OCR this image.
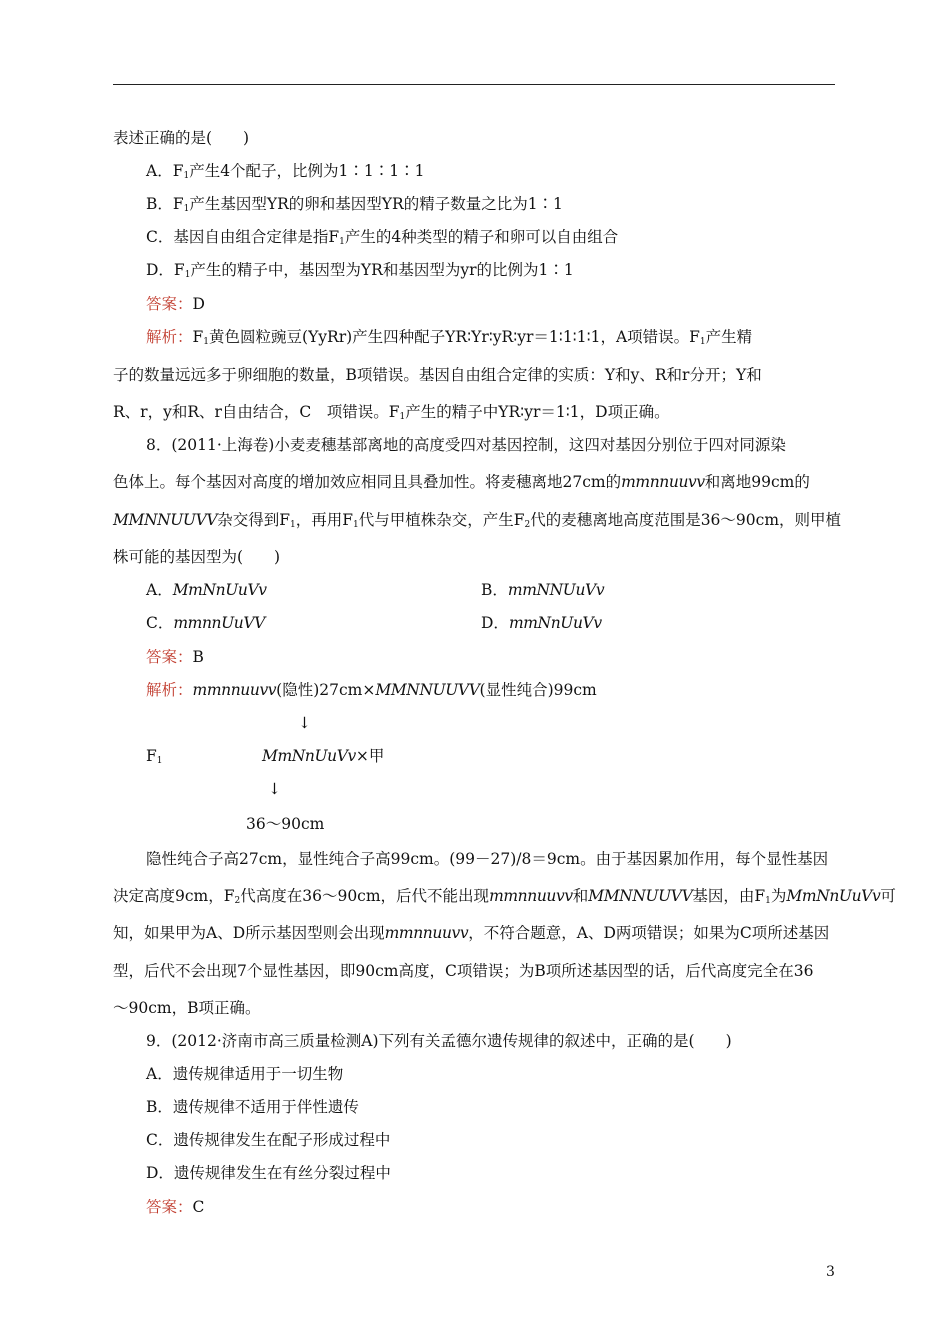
表述正确的是(　　)
A．$F_1$产生4个配子，比例为1∶1∶1∶1
B．$F_1$产生基因型YR的卵和基因型YR的精子数量之比为1∶1
C．基因自由组合定律是指$F_1$产生的4种类型的精子和卵可以自由组合
D．$F_1$产生的精子中，基因型为YR和基因型为yr的比例为1∶1
答案：D
解析：$F_1$黄色圆粒豌豆(YyRr)产生四种配子YR∶Yr∶yR∶yr＝1∶1∶1∶1，A项错误。$F_1$产生精
子的数量远远多于卵细胞的数量，B项错误。基因自由组合定律的实质：Y和y、R和r分开；Y和
R、r，y和R、r自由结合，C　项错误。$F_1$产生的精子中YR∶yr＝1∶1，D项正确。
8．(2011·上海卷)小麦麦穗基部离地的高度受四对基因控制，这四对基因分别位于四对同源染
色体上。每个基因对高度的增加效应相同且具叠加性。将麦穗离地27cm的mmnnuuvv和离地99cm的
MMNNUUVV杂交得到$F_1$，再用$F_1$代与甲植株杂交，产生$F_2$代的麦穗离地高度范围是36～90cm，则甲植
株可能的基因型为(　　)
A．MmNnUuVv	B．mmNNUuVv
C．mmnnUuVV	D．mmNnUuVv
答案：B
解析：mmnnuuvv(隐性)27cm×MMNNUUVV(显性纯合)99cm
↓
$F_1$	MmNnUuVv×甲
↓
36～90cm
隐性纯合子高27cm，显性纯合子高99cm。(99－27)/8＝9cm。由于基因累加作用，每个显性基因
决定高度9cm，$F_2$代高度在36～90cm，后代不能出现mmnnuuvv和MMNNUUVV基因，由$F_1$为MmNnUuVv可
知，如果甲为A、D所示基因型则会出现mmnnuuvv，不符合题意，A、D两项错误；如果为C项所述基因
型，后代不会出现7个显性基因，即90cm高度，C项错误；为B项所述基因型的话，后代高度完全在36
～90cm，B项正确。
9．(2012·济南市高三质量检测A)下列有关孟德尔遗传规律的叙述中，正确的是(　　)
A．遗传规律适用于一切生物
B．遗传规律不适用于伴性遗传
C．遗传规律发生在配子形成过程中
D．遗传规律发生在有丝分裂过程中
答案：C
3
